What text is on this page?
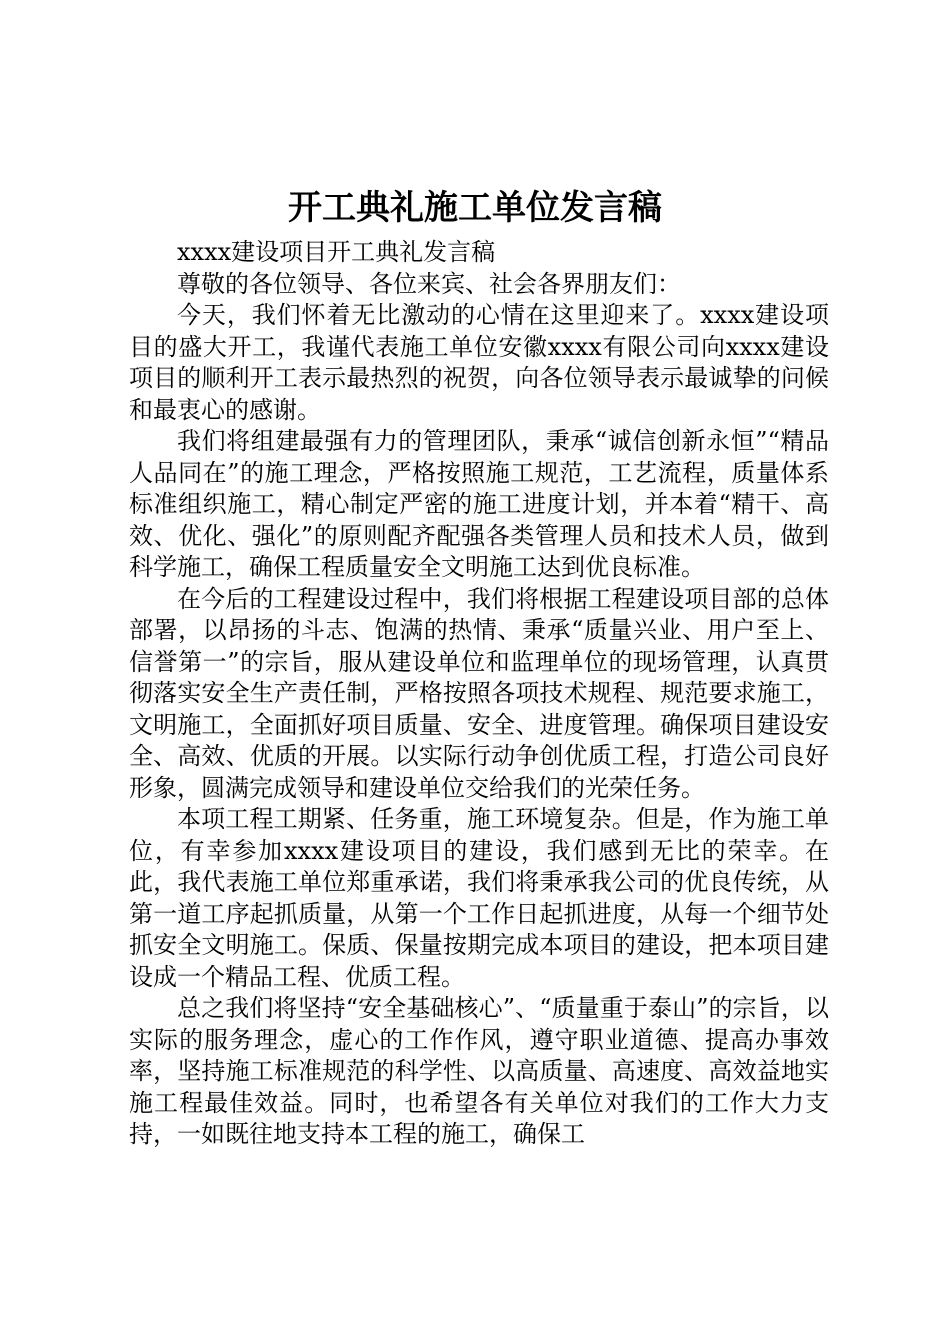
开工典礼施工单位发言稿

xxxx建设项目开工典礼发言稿

尊敬的各位领导、各位来宾、社会各界朋友们：

今天，我们怀着无比激动的心情在这里迎来了。xxxx建设项目的盛大开工，我谨代表施工单位安徽xxxx有限公司向xxxx建设项目的顺利开工表示最热烈的祝贺，向各位领导表示最诚挚的问候和最衷心的感谢。

我们将组建最强有力的管理团队，秉承“诚信创新永恒”“精品人品同在”的施工理念，严格按照施工规范，工艺流程，质量体系标准组织施工，精心制定严密的施工进度计划，并本着“精干、高效、优化、强化”的原则配齐配强各类管理人员和技术人员，做到科学施工，确保工程质量安全文明施工达到优良标准。

在今后的工程建设过程中，我们将根据工程建设项目部的总体部署，以昂扬的斗志、饱满的热情、秉承“质量兴业、用户至上、信誉第一”的宗旨，服从建设单位和监理单位的现场管理，认真贯彻落实安全生产责任制，严格按照各项技术规程、规范要求施工，文明施工，全面抓好项目质量、安全、进度管理。确保项目建设安全、高效、优质的开展。以实际行动争创优质工程，打造公司良好形象，圆满完成领导和建设单位交给我们的光荣任务。

本项工程工期紧、任务重，施工环境复杂。但是，作为施工单位，有幸参加xxxx建设项目的建设，我们感到无比的荣幸。在此，我代表施工单位郑重承诺，我们将秉承我公司的优良传统，从第一道工序起抓质量，从第一个工作日起抓进度，从每一个细节处抓安全文明施工。保质、保量按期完成本项目的建设，把本项目建设成一个精品工程、优质工程。

总之我们将坚持“安全基础核心”、“质量重于泰山”的宗旨，以实际的服务理念，虚心的工作作风，遵守职业道德、提高办事效率，坚持施工标准规范的科学性、以高质量、高速度、高效益地实施工程最佳效益。同时，也希望各有关单位对我们的工作大力支持，一如既往地支持本工程的施工，确保工
